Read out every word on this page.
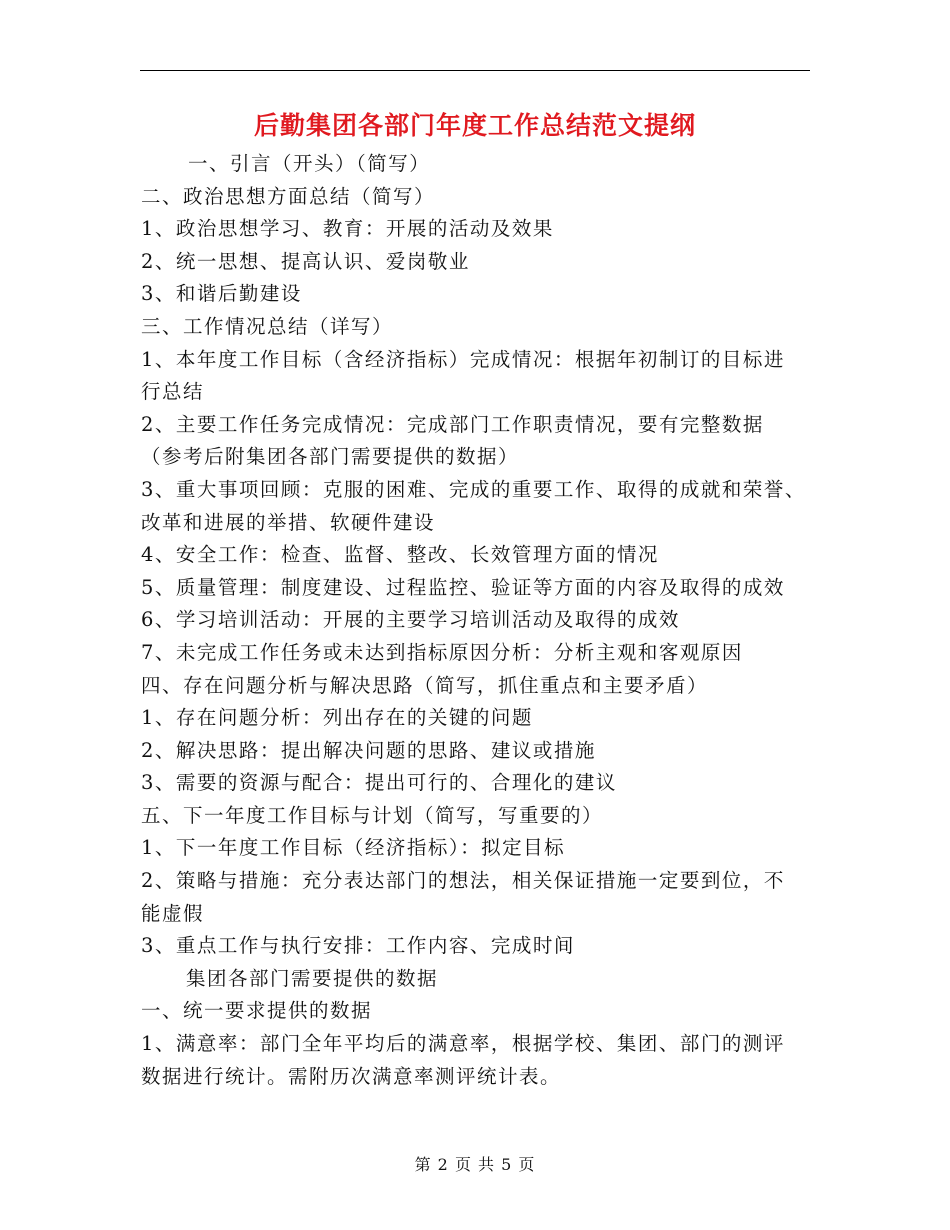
后勤集团各部门年度工作总结范文提纲
一、引言（开头）（简写）
二、政治思想方面总结（简写）
1、政治思想学习、教育：开展的活动及效果
2、统一思想、提高认识、爱岗敬业
3、和谐后勤建设
三、工作情况总结（详写）
1、本年度工作目标（含经济指标）完成情况：根据年初制订的目标进
行总结
2、主要工作任务完成情况：完成部门工作职责情况，要有完整数据
（参考后附集团各部门需要提供的数据）
3、重大事项回顾：克服的困难、完成的重要工作、取得的成就和荣誉、
改革和进展的举措、软硬件建设
4、安全工作：检查、监督、整改、长效管理方面的情况
5、质量管理：制度建设、过程监控、验证等方面的内容及取得的成效
6、学习培训活动：开展的主要学习培训活动及取得的成效
7、未完成工作任务或未达到指标原因分析：分析主观和客观原因
四、存在问题分析与解决思路（简写，抓住重点和主要矛盾）
1、存在问题分析：列出存在的关键的问题
2、解决思路：提出解决问题的思路、建议或措施
3、需要的资源与配合：提出可行的、合理化的建议
五、下一年度工作目标与计划（简写，写重要的）
1、下一年度工作目标（经济指标）：拟定目标
2、策略与措施：充分表达部门的想法，相关保证措施一定要到位，不
能虚假
3、重点工作与执行安排：工作内容、完成时间
集团各部门需要提供的数据
一、统一要求提供的数据
1、满意率：部门全年平均后的满意率，根据学校、集团、部门的测评
数据进行统计。需附历次满意率测评统计表。
第 2 页 共 5 页
